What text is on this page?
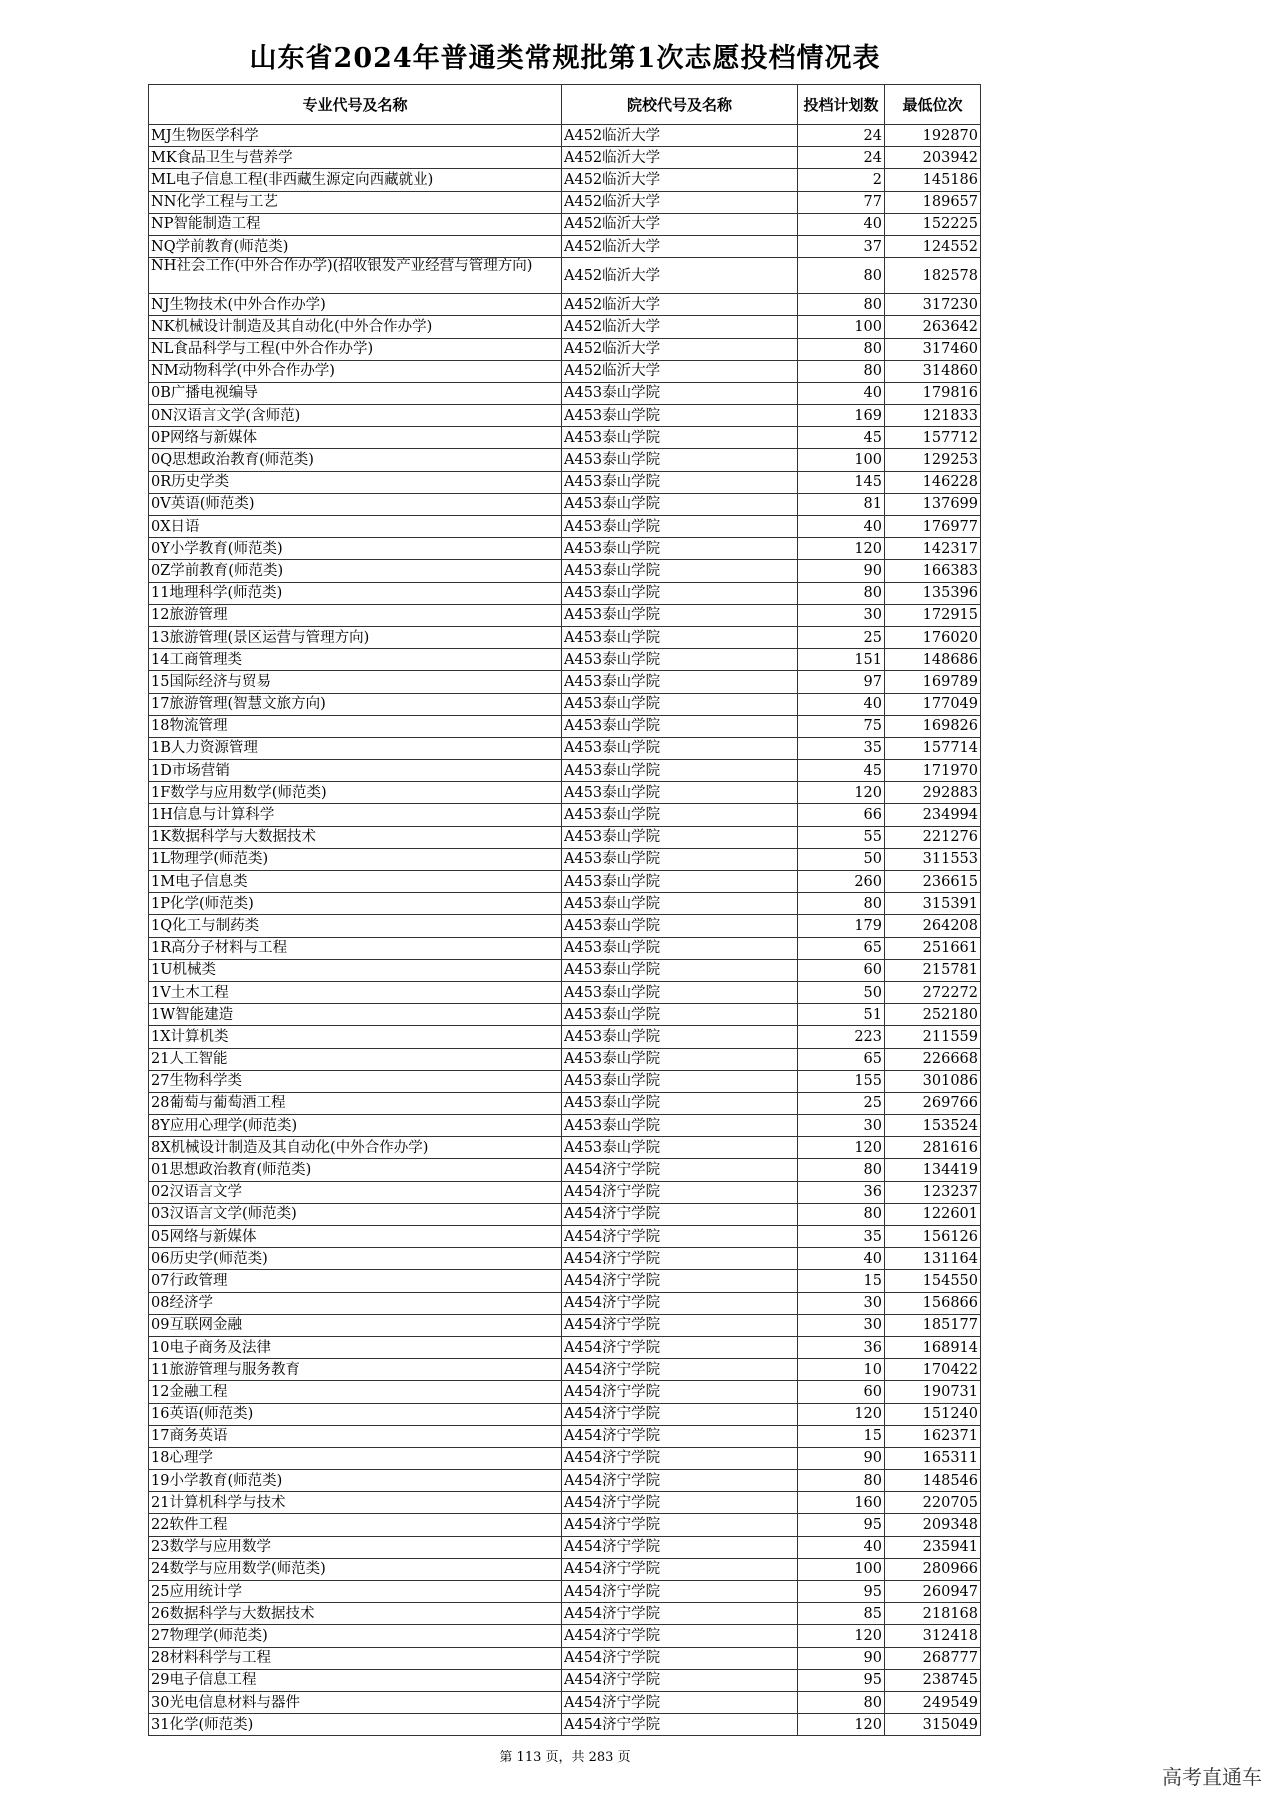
山东省2024年普通类常规批第1次志愿投档情况表
专业代号及名称	院校代号及名称	投档计划数	最低位次
MJ生物医学科学	A452临沂大学	24	192870
MK食品卫生与营养学	A452临沂大学	24	203942
ML电子信息工程(非西藏生源定向西藏就业)	A452临沂大学	2	145186
NN化学工程与工艺	A452临沂大学	77	189657
NP智能制造工程	A452临沂大学	40	152225
NQ学前教育(师范类)	A452临沂大学	37	124552
NH社会工作(中外合作办学)(招收银发产业经营与管理方向)	A452临沂大学	80	182578
NJ生物技术(中外合作办学)	A452临沂大学	80	317230
NK机械设计制造及其自动化(中外合作办学)	A452临沂大学	100	263642
NL食品科学与工程(中外合作办学)	A452临沂大学	80	317460
NM动物科学(中外合作办学)	A452临沂大学	80	314860
0B广播电视编导	A453泰山学院	40	179816
0N汉语言文学(含师范)	A453泰山学院	169	121833
0P网络与新媒体	A453泰山学院	45	157712
0Q思想政治教育(师范类)	A453泰山学院	100	129253
0R历史学类	A453泰山学院	145	146228
0V英语(师范类)	A453泰山学院	81	137699
0X日语	A453泰山学院	40	176977
0Y小学教育(师范类)	A453泰山学院	120	142317
0Z学前教育(师范类)	A453泰山学院	90	166383
11地理科学(师范类)	A453泰山学院	80	135396
12旅游管理	A453泰山学院	30	172915
13旅游管理(景区运营与管理方向)	A453泰山学院	25	176020
14工商管理类	A453泰山学院	151	148686
15国际经济与贸易	A453泰山学院	97	169789
17旅游管理(智慧文旅方向)	A453泰山学院	40	177049
18物流管理	A453泰山学院	75	169826
1B人力资源管理	A453泰山学院	35	157714
1D市场营销	A453泰山学院	45	171970
1F数学与应用数学(师范类)	A453泰山学院	120	292883
1H信息与计算科学	A453泰山学院	66	234994
1K数据科学与大数据技术	A453泰山学院	55	221276
1L物理学(师范类)	A453泰山学院	50	311553
1M电子信息类	A453泰山学院	260	236615
1P化学(师范类)	A453泰山学院	80	315391
1Q化工与制药类	A453泰山学院	179	264208
1R高分子材料与工程	A453泰山学院	65	251661
1U机械类	A453泰山学院	60	215781
1V土木工程	A453泰山学院	50	272272
1W智能建造	A453泰山学院	51	252180
1X计算机类	A453泰山学院	223	211559
21人工智能	A453泰山学院	65	226668
27生物科学类	A453泰山学院	155	301086
28葡萄与葡萄酒工程	A453泰山学院	25	269766
8Y应用心理学(师范类)	A453泰山学院	30	153524
8X机械设计制造及其自动化(中外合作办学)	A453泰山学院	120	281616
01思想政治教育(师范类)	A454济宁学院	80	134419
02汉语言文学	A454济宁学院	36	123237
03汉语言文学(师范类)	A454济宁学院	80	122601
05网络与新媒体	A454济宁学院	35	156126
06历史学(师范类)	A454济宁学院	40	131164
07行政管理	A454济宁学院	15	154550
08经济学	A454济宁学院	30	156866
09互联网金融	A454济宁学院	30	185177
10电子商务及法律	A454济宁学院	36	168914
11旅游管理与服务教育	A454济宁学院	10	170422
12金融工程	A454济宁学院	60	190731
16英语(师范类)	A454济宁学院	120	151240
17商务英语	A454济宁学院	15	162371
18心理学	A454济宁学院	90	165311
19小学教育(师范类)	A454济宁学院	80	148546
21计算机科学与技术	A454济宁学院	160	220705
22软件工程	A454济宁学院	95	209348
23数学与应用数学	A454济宁学院	40	235941
24数学与应用数学(师范类)	A454济宁学院	100	280966
25应用统计学	A454济宁学院	95	260947
26数据科学与大数据技术	A454济宁学院	85	218168
27物理学(师范类)	A454济宁学院	120	312418
28材料科学与工程	A454济宁学院	90	268777
29电子信息工程	A454济宁学院	95	238745
30光电信息材料与器件	A454济宁学院	80	249549
31化学(师范类)	A454济宁学院	120	315049
第 113 页，共 283 页
高考直通车
